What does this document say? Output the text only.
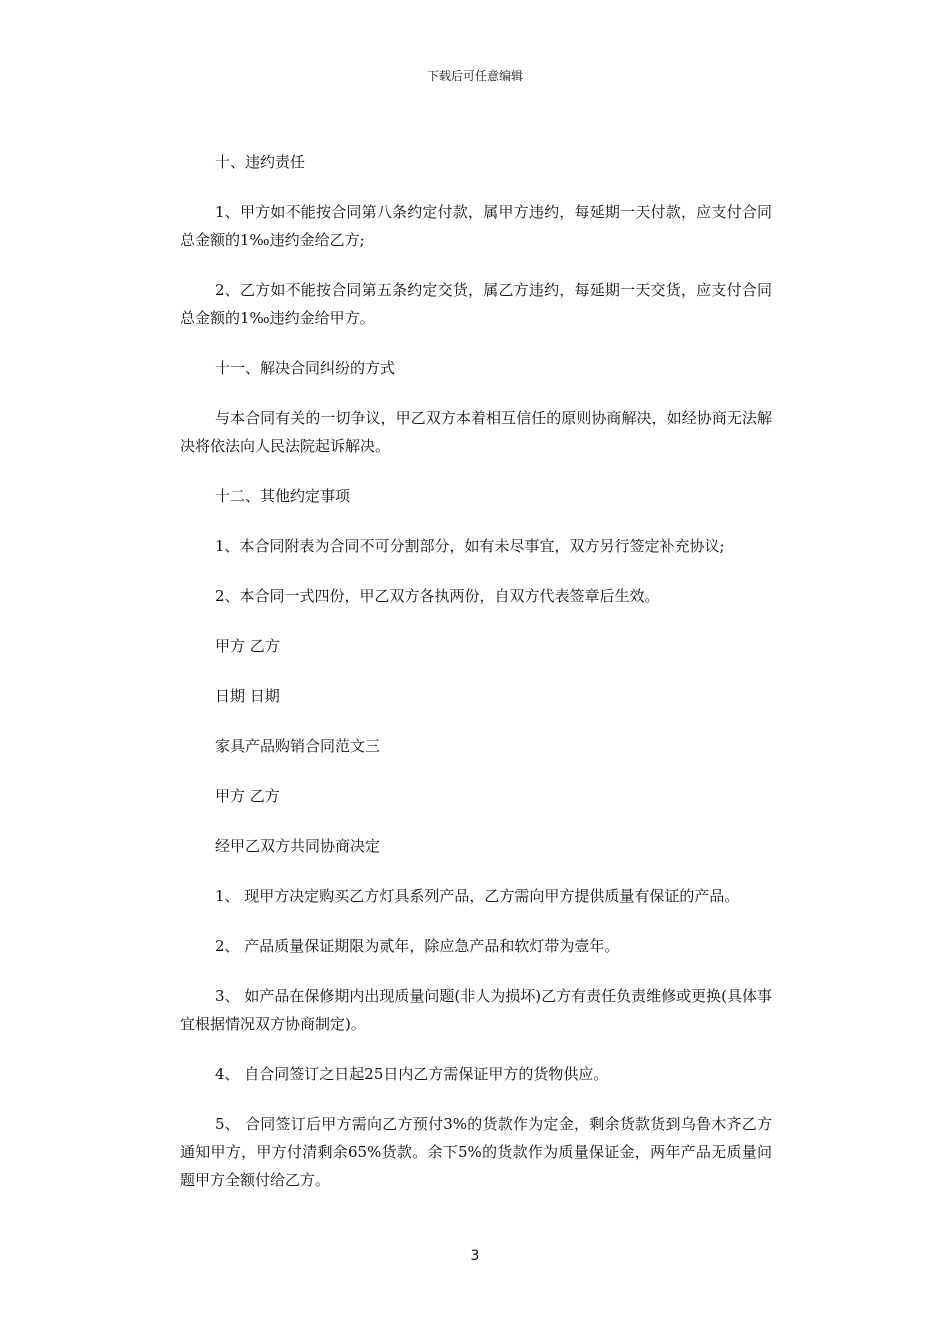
下载后可任意编辑

十、违约责任

1、甲方如不能按合同第八条约定付款，属甲方违约，每延期一天付款，应支付合同总金额的1‰违约金给乙方;

2、乙方如不能按合同第五条约定交货，属乙方违约，每延期一天交货，应支付合同总金额的1‰违约金给甲方。

十一、解决合同纠纷的方式

与本合同有关的一切争议，甲乙双方本着相互信任的原则协商解决，如经协商无法解决将依法向人民法院起诉解决。

十二、其他约定事项

1、本合同附表为合同不可分割部分，如有未尽事宜，双方另行签定补充协议;

2、本合同一式四份，甲乙双方各执两份，自双方代表签章后生效。

甲方 乙方

日期 日期

家具产品购销合同范文三

甲方 乙方

经甲乙双方共同协商决定

1、 现甲方决定购买乙方灯具系列产品，乙方需向甲方提供质量有保证的产品。

2、 产品质量保证期限为贰年，除应急产品和软灯带为壹年。

3、 如产品在保修期内出现质量问题(非人为损坏)乙方有责任负责维修或更换(具体事宜根据情况双方协商制定)。

4、 自合同签订之日起25日内乙方需保证甲方的货物供应。

5、 合同签订后甲方需向乙方预付3%的货款作为定金，剩余货款货到乌鲁木齐乙方通知甲方，甲方付清剩余65%货款。余下5%的货款作为质量保证金，两年产品无质量问题甲方全额付给乙方。

3
